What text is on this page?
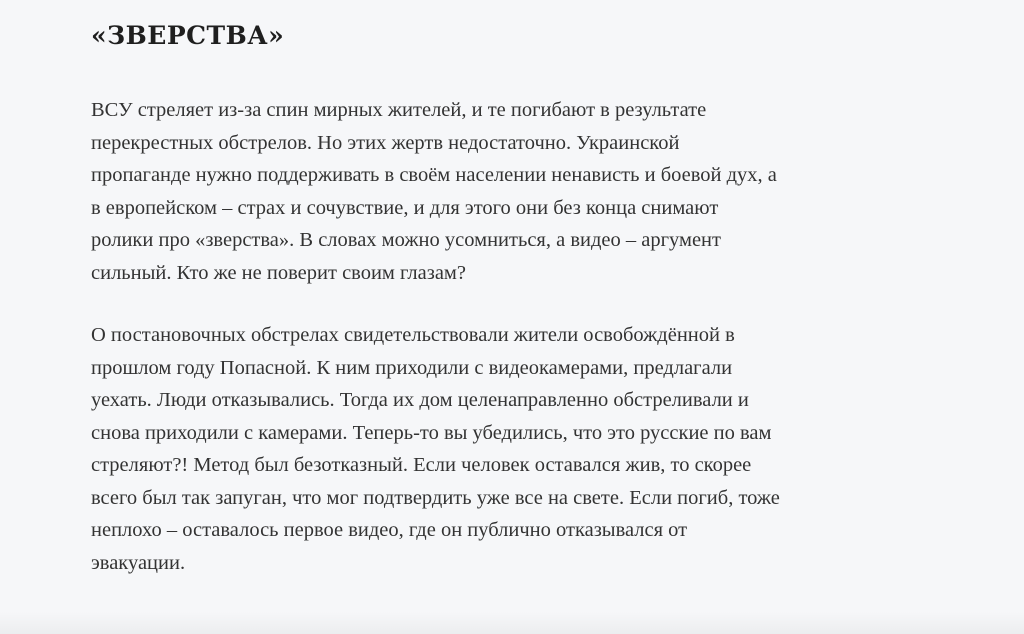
«ЗВЕРСТВА»

ВСУ стреляет из-за спин мирных жителей, и те погибают в результате
перекрестных обстрелов. Но этих жертв недостаточно. Украинской
пропаганде нужно поддерживать в своём населении ненависть и боевой дух, а
в европейском – страх и сочувствие, и для этого они без конца снимают
ролики про «зверства». В словах можно усомниться, а видео – аргумент
сильный. Кто же не поверит своим глазам?

О постановочных обстрелах свидетельствовали жители освобождённой в
прошлом году Попасной. К ним приходили с видеокамерами, предлагали
уехать. Люди отказывались. Тогда их дом целенаправленно обстреливали и
снова приходили с камерами. Теперь-то вы убедились, что это русские по вам
стреляют?! Метод был безотказный. Если человек оставался жив, то скорее
всего был так запуган, что мог подтвердить уже все на свете. Если погиб, тоже
неплохо – оставалось первое видео, где он публично отказывался от
эвакуации.
